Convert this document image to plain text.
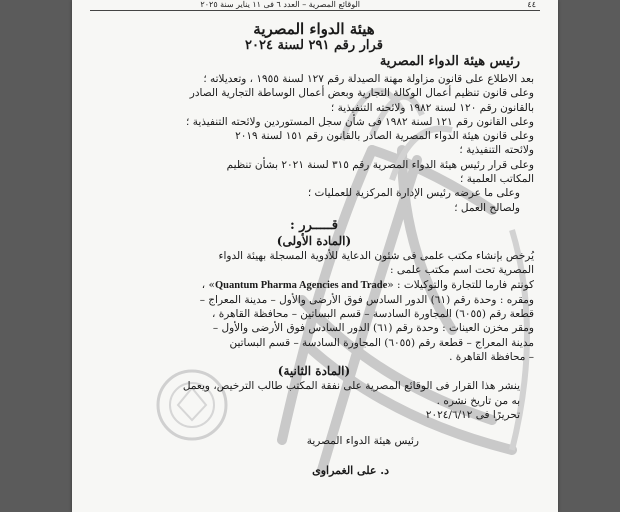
٤٤
الوقائع المصرية – العدد ٦ فى ١١ يناير سنة ٢٠٢٥
هيئة الدواء المصرية
قرار رقم ٢٩١ لسنة ٢٠٢٤
رئيس هيئة الدواء المصرية
بعد الاطلاع على قانون مزاولة مهنة الصيدلة رقم ١٢٧ لسنة ١٩٥٥ ، وتعديلاته ؛
وعلى قانون تنظيم أعمال الوكالة التجارية وبعض أعمال الوساطة التجارية الصادر
بالقانون رقم ١٢٠ لسنة ١٩٨٢ ولائحته التنفيذية ؛
وعلى القانون رقم ١٢١ لسنة ١٩٨٢ فى شأن سجل المستوردين ولائحته التنفيذية ؛
وعلى قانون هيئة الدواء المصرية الصادر بالقانون رقم ١٥١ لسنة ٢٠١٩
ولائحته التنفيذية ؛
وعلى قرار رئيس هيئة الدواء المصرية رقم ٣١٥ لسنة ٢٠٢١ بشأن تنظيم
المكاتب العلمية ؛
وعلى ما عرضه رئيس الإدارة المركزية للعمليات ؛
ولصالح العمل ؛
قـــــرر :
(المادة الأولى)
يُرخص بإنشاء مكتب علمى فى شئون الدعاية للأدوية المسجلة بهيئة الدواء
المصرية تحت اسم مكتب علمى :
كونتم فارما للتجارة والتوكيلات : «Quantum Pharma Agencies and Trade» ،
ومقره : وحدة رقم (٦١) الدور السادس فوق الأرضى والأول – مدينة المعراج –
قطعة رقم (٦٠٥٥) المجاورة السادسة – قسم البساتين – محافظة القاهرة ،
ومقر مخزن العينات : وحدة رقم (٦١) الدور السادس فوق الأرضى والأول –
مدينة المعراج – قطعة رقم (٦٠٥٥) المجاورة السادسة – قسم البساتين
– محافظة القاهرة .
(المادة الثانية)
ينشر هذا القرار فى الوقائع المصرية على نفقة المكتب طالب الترخيص، ويعمل
به من تاريخ نشره .
تحريرًا فى ٢٠٢٤/٦/١٢
رئيس هيئة الدواء المصرية
د. على الغمراوى
